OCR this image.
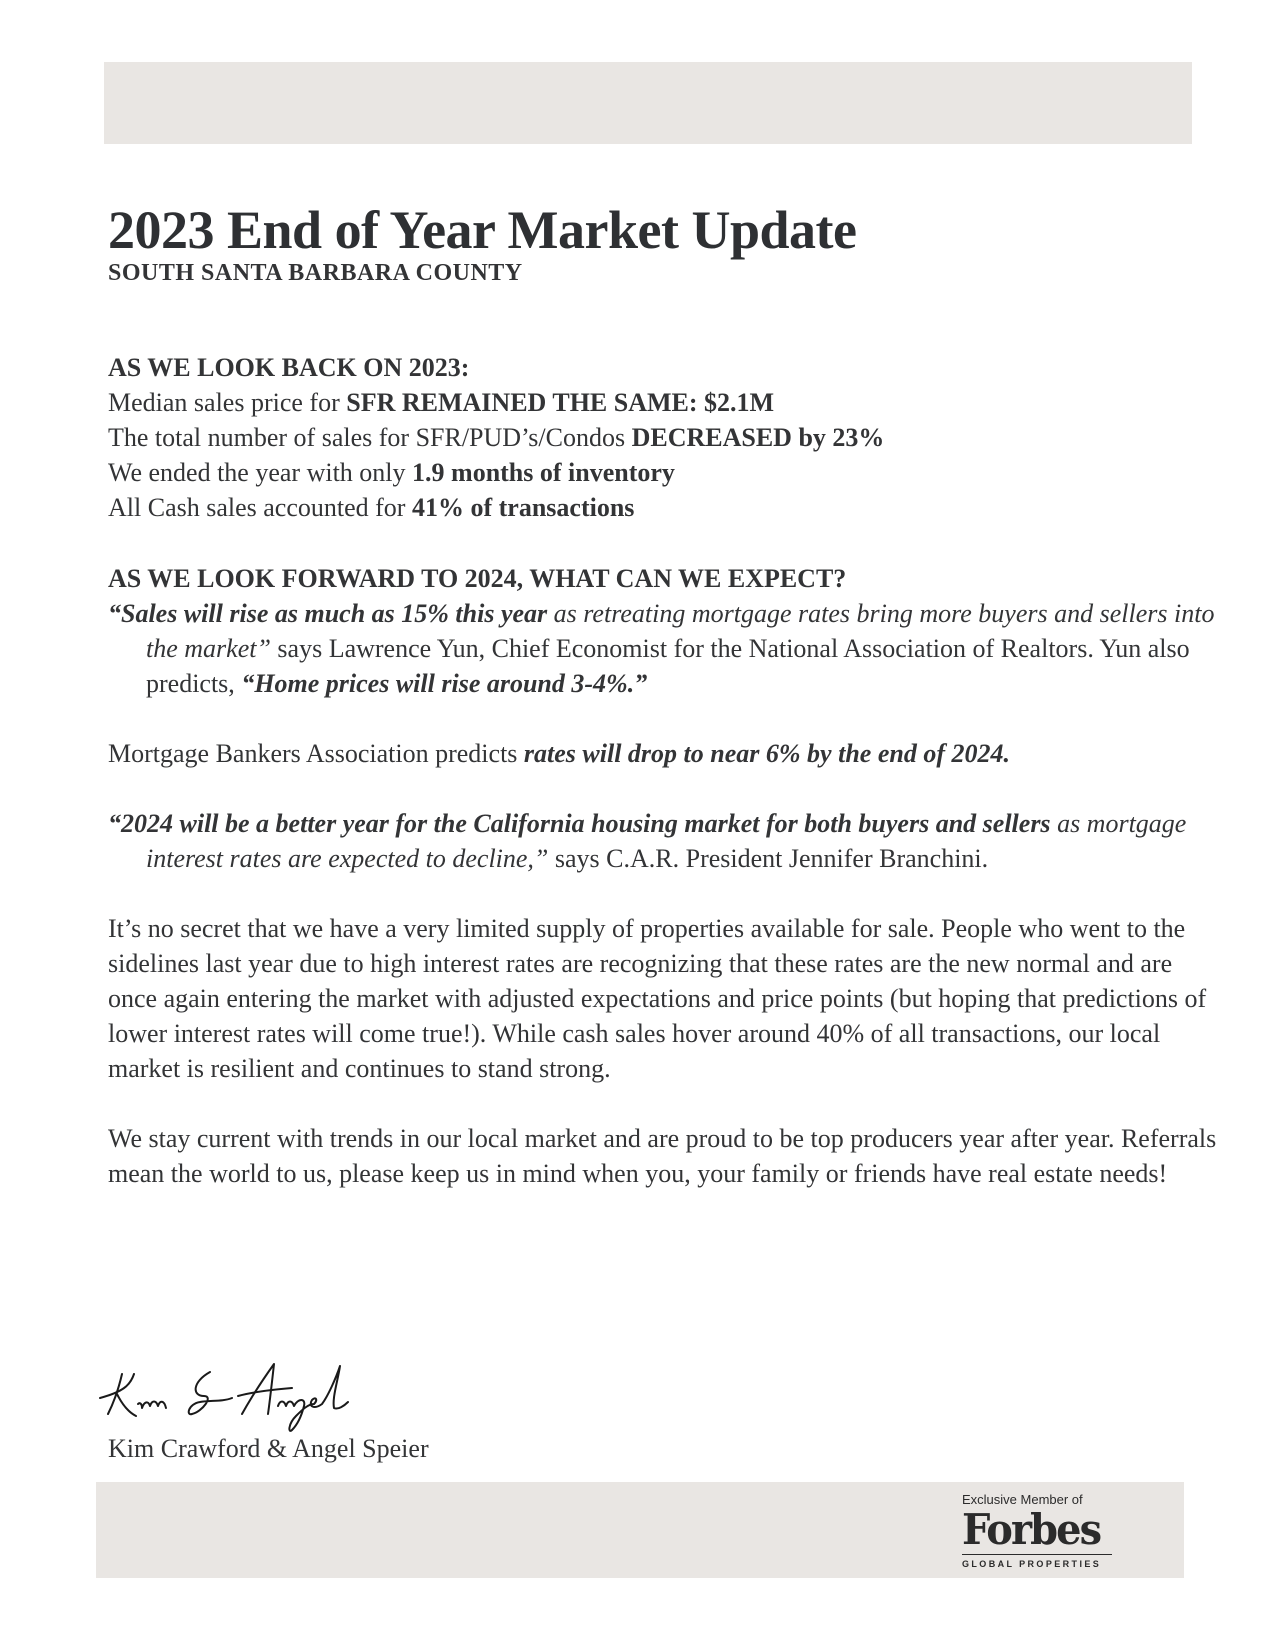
2023 End of Year Market Update

SOUTH SANTA BARBARA COUNTY

AS WE LOOK BACK ON 2023:
Median sales price for SFR REMAINED THE SAME: $2.1M
The total number of sales for SFR/PUD’s/Condos DECREASED by 23%
We ended the year with only 1.9 months of inventory
All Cash sales accounted for 41% of transactions
AS WE LOOK FORWARD TO 2024, WHAT CAN WE EXPECT?
“Sales will rise as much as 15% this year as retreating mortgage rates bring more buyers and sellers into the market” says Lawrence Yun, Chief Economist for the National Association of Realtors. Yun also predicts, “Home prices will rise around 3-4%.”
Mortgage Bankers Association predicts rates will drop to near 6% by the end of 2024.
“2024 will be a better year for the California housing market for both buyers and sellers as mortgage interest rates are expected to decline,” says C.A.R. President Jennifer Branchini.
It’s no secret that we have a very limited supply of properties available for sale. People who went to the sidelines last year due to high interest rates are recognizing that these rates are the new normal and are once again entering the market with adjusted expectations and price points (but hoping that predictions of lower interest rates will come true!). While cash sales hover around 40% of all transactions, our local market is resilient and continues to stand strong.
We stay current with trends in our local market and are proud to be top producers year after year. Referrals mean the world to us, please keep us in mind when you, your family or friends have real estate needs!
Kim Crawford & Angel Speier
Exclusive Member of
Forbes
GLOBAL PROPERTIES
